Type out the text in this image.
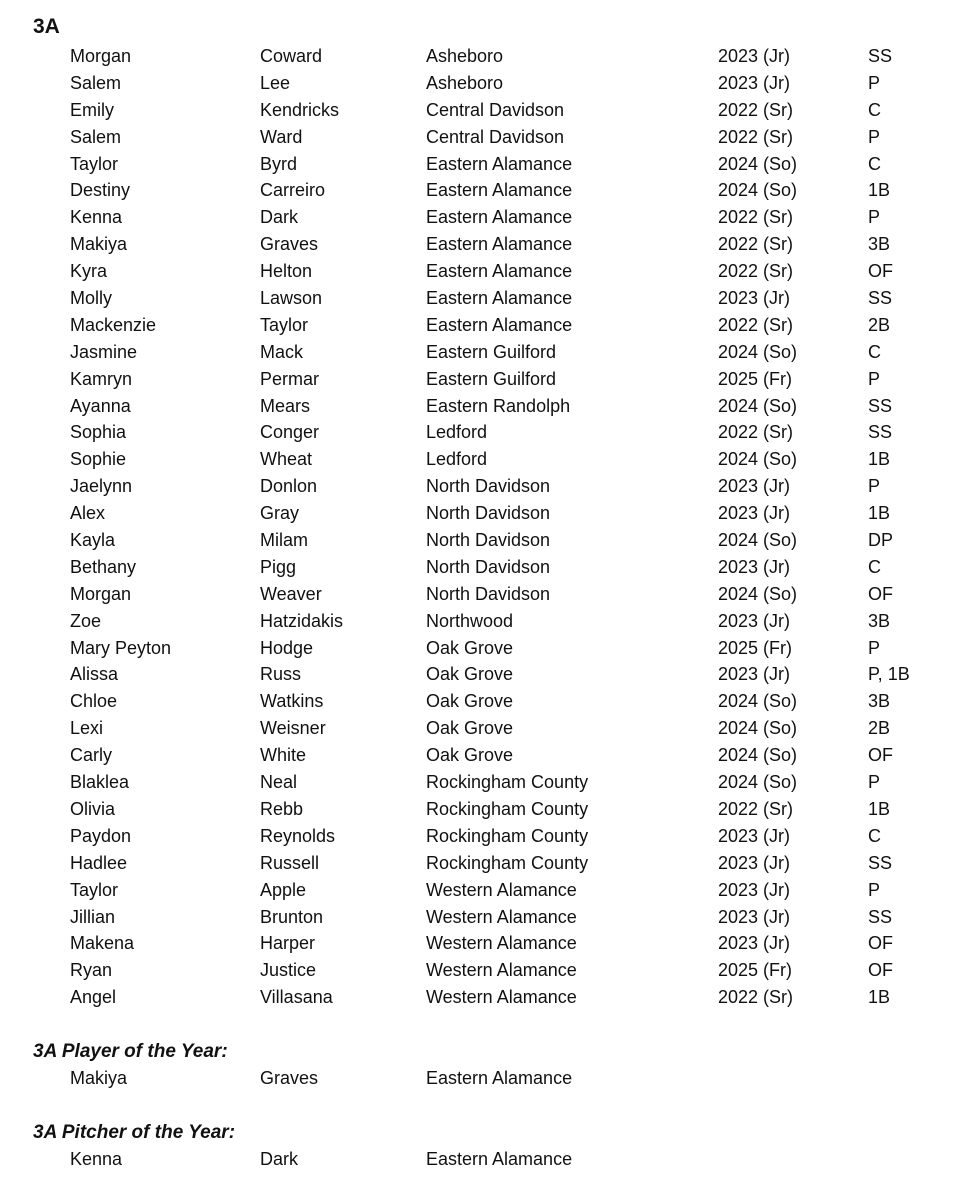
3A
Morgan	Coward	Asheboro	2023 (Jr)	SS
Salem	Lee	Asheboro	2023 (Jr)	P
Emily	Kendricks	Central Davidson	2022 (Sr)	C
Salem	Ward	Central Davidson	2022 (Sr)	P
Taylor	Byrd	Eastern Alamance	2024 (So)	C
Destiny	Carreiro	Eastern Alamance	2024 (So)	1B
Kenna	Dark	Eastern Alamance	2022 (Sr)	P
Makiya	Graves	Eastern Alamance	2022 (Sr)	3B
Kyra	Helton	Eastern Alamance	2022 (Sr)	OF
Molly	Lawson	Eastern Alamance	2023 (Jr)	SS
Mackenzie	Taylor	Eastern Alamance	2022 (Sr)	2B
Jasmine	Mack	Eastern Guilford	2024 (So)	C
Kamryn	Permar	Eastern Guilford	2025 (Fr)	P
Ayanna	Mears	Eastern Randolph	2024 (So)	SS
Sophia	Conger	Ledford	2022 (Sr)	SS
Sophie	Wheat	Ledford	2024 (So)	1B
Jaelynn	Donlon	North Davidson	2023 (Jr)	P
Alex	Gray	North Davidson	2023 (Jr)	1B
Kayla	Milam	North Davidson	2024 (So)	DP
Bethany	Pigg	North Davidson	2023 (Jr)	C
Morgan	Weaver	North Davidson	2024 (So)	OF
Zoe	Hatzidakis	Northwood	2023 (Jr)	3B
Mary Peyton	Hodge	Oak Grove	2025 (Fr)	P
Alissa	Russ	Oak Grove	2023 (Jr)	P, 1B
Chloe	Watkins	Oak Grove	2024 (So)	3B
Lexi	Weisner	Oak Grove	2024 (So)	2B
Carly	White	Oak Grove	2024 (So)	OF
Blaklea	Neal	Rockingham County	2024 (So)	P
Olivia	Rebb	Rockingham County	2022 (Sr)	1B
Paydon	Reynolds	Rockingham County	2023 (Jr)	C
Hadlee	Russell	Rockingham County	2023 (Jr)	SS
Taylor	Apple	Western Alamance	2023 (Jr)	P
Jillian	Brunton	Western Alamance	2023 (Jr)	SS
Makena	Harper	Western Alamance	2023 (Jr)	OF
Ryan	Justice	Western Alamance	2025 (Fr)	OF
Angel	Villasana	Western Alamance	2022 (Sr)	1B
3A Player of the Year:
Makiya	Graves	Eastern Alamance
3A Pitcher of the Year:
Kenna	Dark	Eastern Alamance
